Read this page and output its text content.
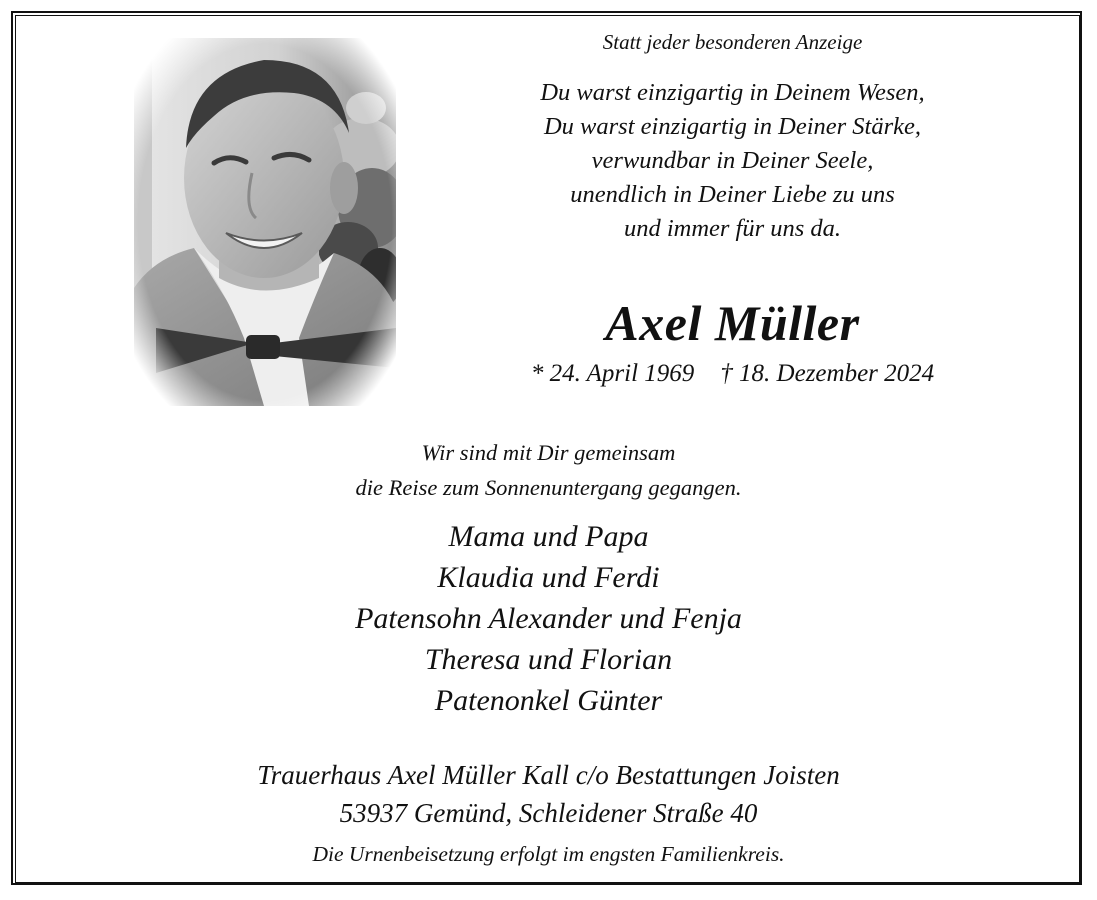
Statt jeder besonderen Anzeige
Du warst einzigartig in Deinem Wesen,
Du warst einzigartig in Deiner Stärke,
verwundbar in Deiner Seele,
unendlich in Deiner Liebe zu uns
und immer für uns da.
Axel Müller
* 24. April 1969 † 18. Dezember 2024
Wir sind mit Dir gemeinsam
die Reise zum Sonnenuntergang gegangen.
Mama und Papa
Klaudia und Ferdi
Patensohn Alexander und Fenja
Theresa und Florian
Patenonkel Günter
Trauerhaus Axel Müller Kall c/o Bestattungen Joisten
53937 Gemünd, Schleidener Straße 40
Die Urnenbeisetzung erfolgt im engsten Familienkreis.
